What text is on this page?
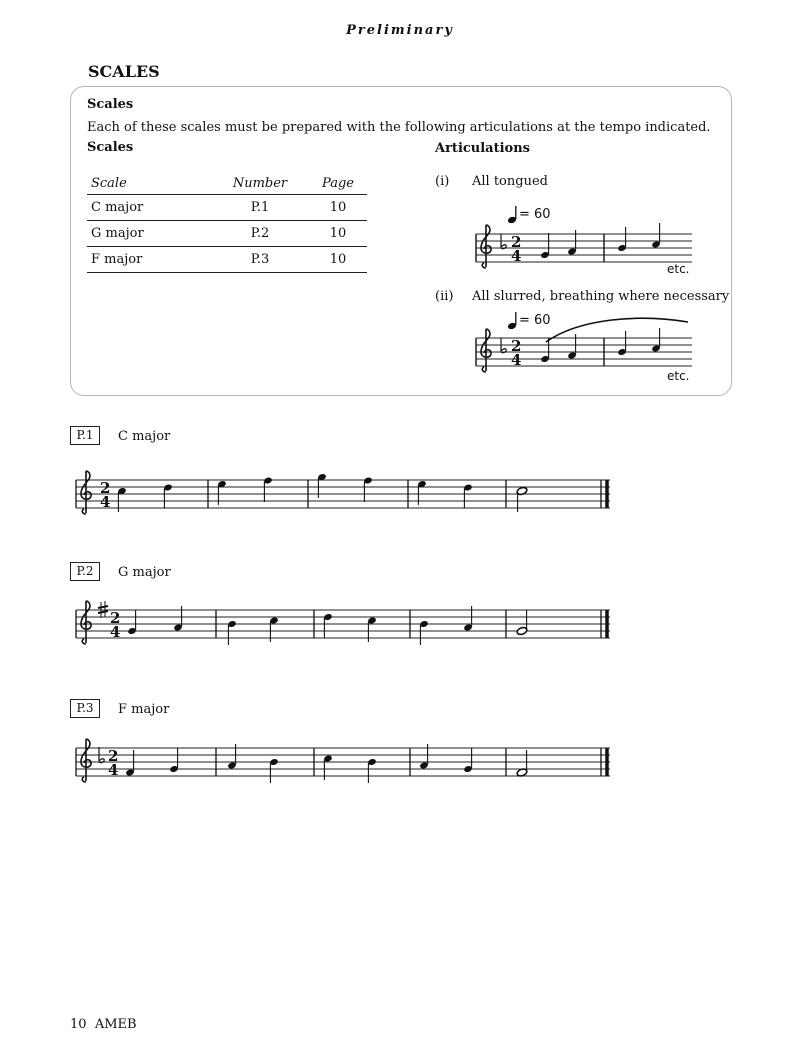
Preliminary
SCALES
Scales
Each of these scales must be prepared with the following articulations at the tempo indicated.
Scales	Articulations
Scale	Number	Page
C major	P.1	10
G major	P.2	10
F major	P.3	10
(i) All tongued
= 60
2
4
etc.
(ii) All slurred, breathing where necessary
= 60
2
4
etc.
P.1	C major
2
4
P.2	G major
2
4
P.3	F major
2
4
10 AMEB
